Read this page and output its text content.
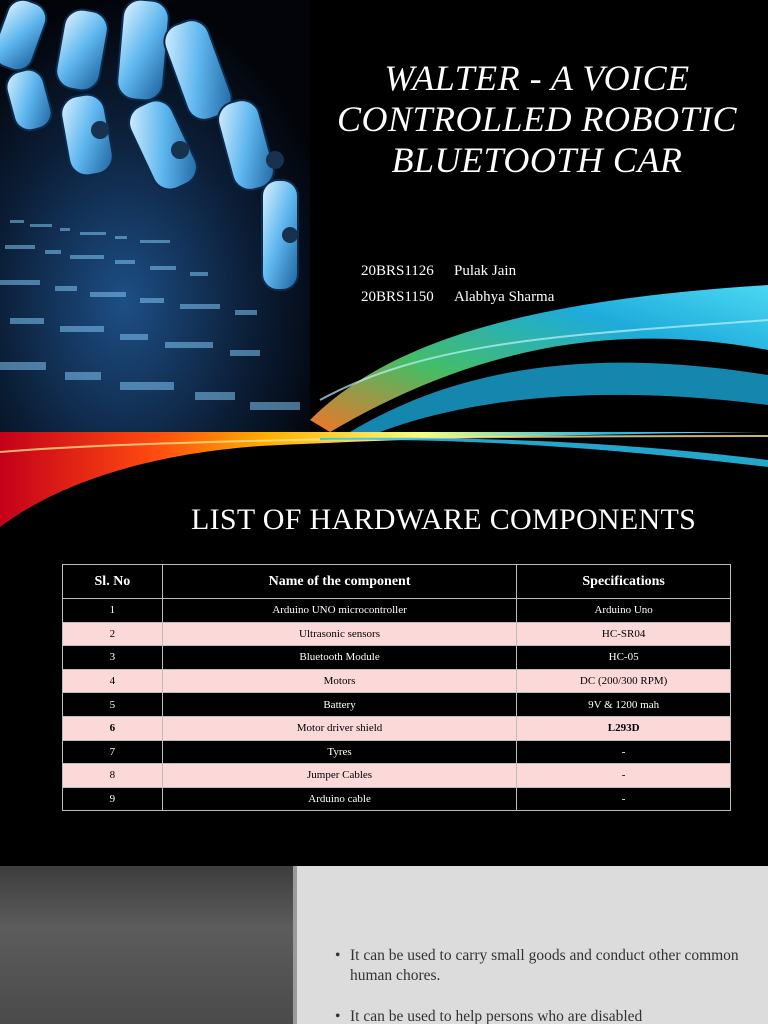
WALTER - A VOICE
CONTROLLED ROBOTIC
BLUETOOTH CAR
20BRS1126 Pulak Jain
20BRS1150 Alabhya Sharma
LIST OF HARDWARE COMPONENTS
Sl. No	Name of the component	Specifications
1	Arduino UNO microcontroller	Arduino Uno
2	Ultrasonic sensors	HC-SR04
3	Bluetooth Module	HC-05
4	Motors	DC (200/300 RPM)
5	Battery	9V & 1200 mah
6	Motor driver shield	L293D
7	Tyres	-
8	Jumper Cables	-
9	Arduino cable	-
• It can be used to carry small goods and conduct other common human chores.
• It can be used to help persons who are disabled
